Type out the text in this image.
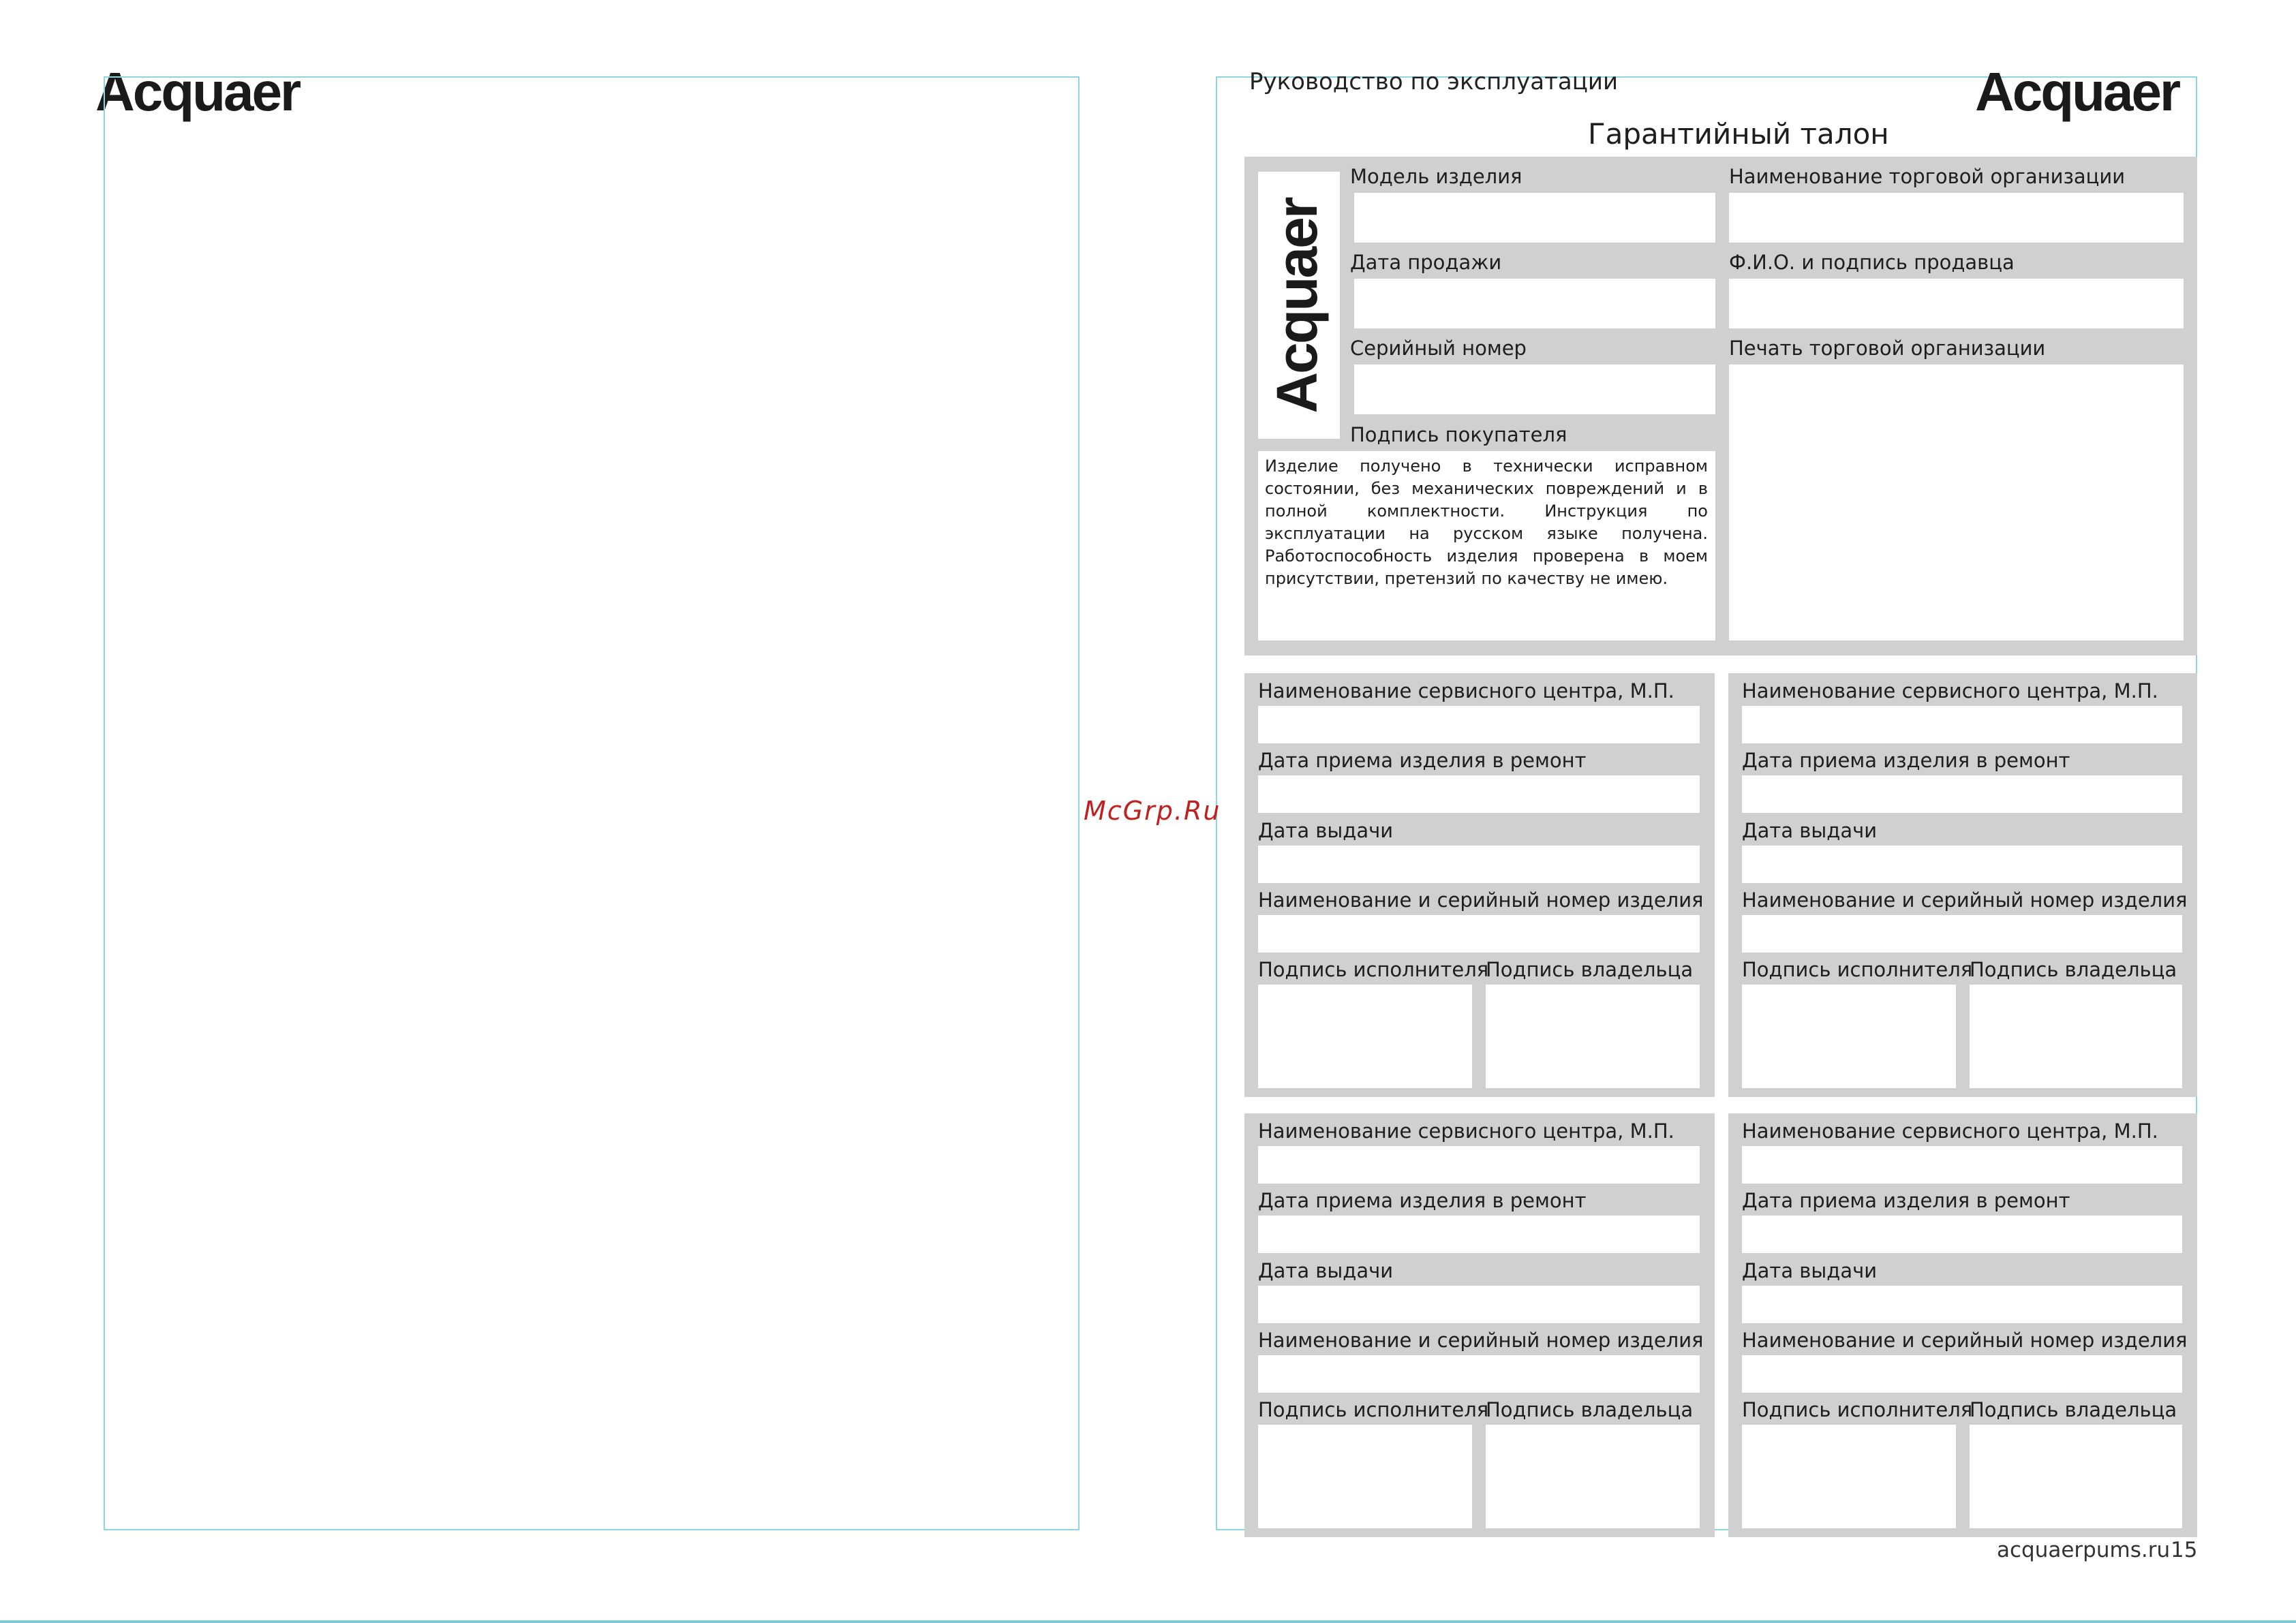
Acquaer	Руководство по эксплуатации	Acquaer
Гарантийный талон
McGrp.Ru
Acquaer
Модель изделия
Дата продажи
Серийный номер
Подпись покупателя
Изделие получено в технически исправном состоянии, без механических повреждений и в полной комплектности. Инструкция по эксплуатации на русском языке получена. Работоспособность изделия проверена в моем присутствии, претензий по качеству не имею.
Наименование торговой организации
Ф.И.О. и подпись продавца
Печать торговой организации
Наименование сервисного центра, М.П.
Дата приема изделия в ремонт
Дата выдачи
Наименование и серийный номер изделия
Подпись исполнителя
Подпись владельца
Наименование сервисного центра, М.П.
Дата приема изделия в ремонт
Дата выдачи
Наименование и серийный номер изделия
Подпись исполнителя
Подпись владельца
Наименование сервисного центра, М.П.
Дата приема изделия в ремонт
Дата выдачи
Наименование и серийный номер изделия
Подпись исполнителя
Подпись владельца
Наименование сервисного центра, М.П.
Дата приема изделия в ремонт
Дата выдачи
Наименование и серийный номер изделия
Подпись исполнителя
Подпись владельца
acquaerpums.ru 15
